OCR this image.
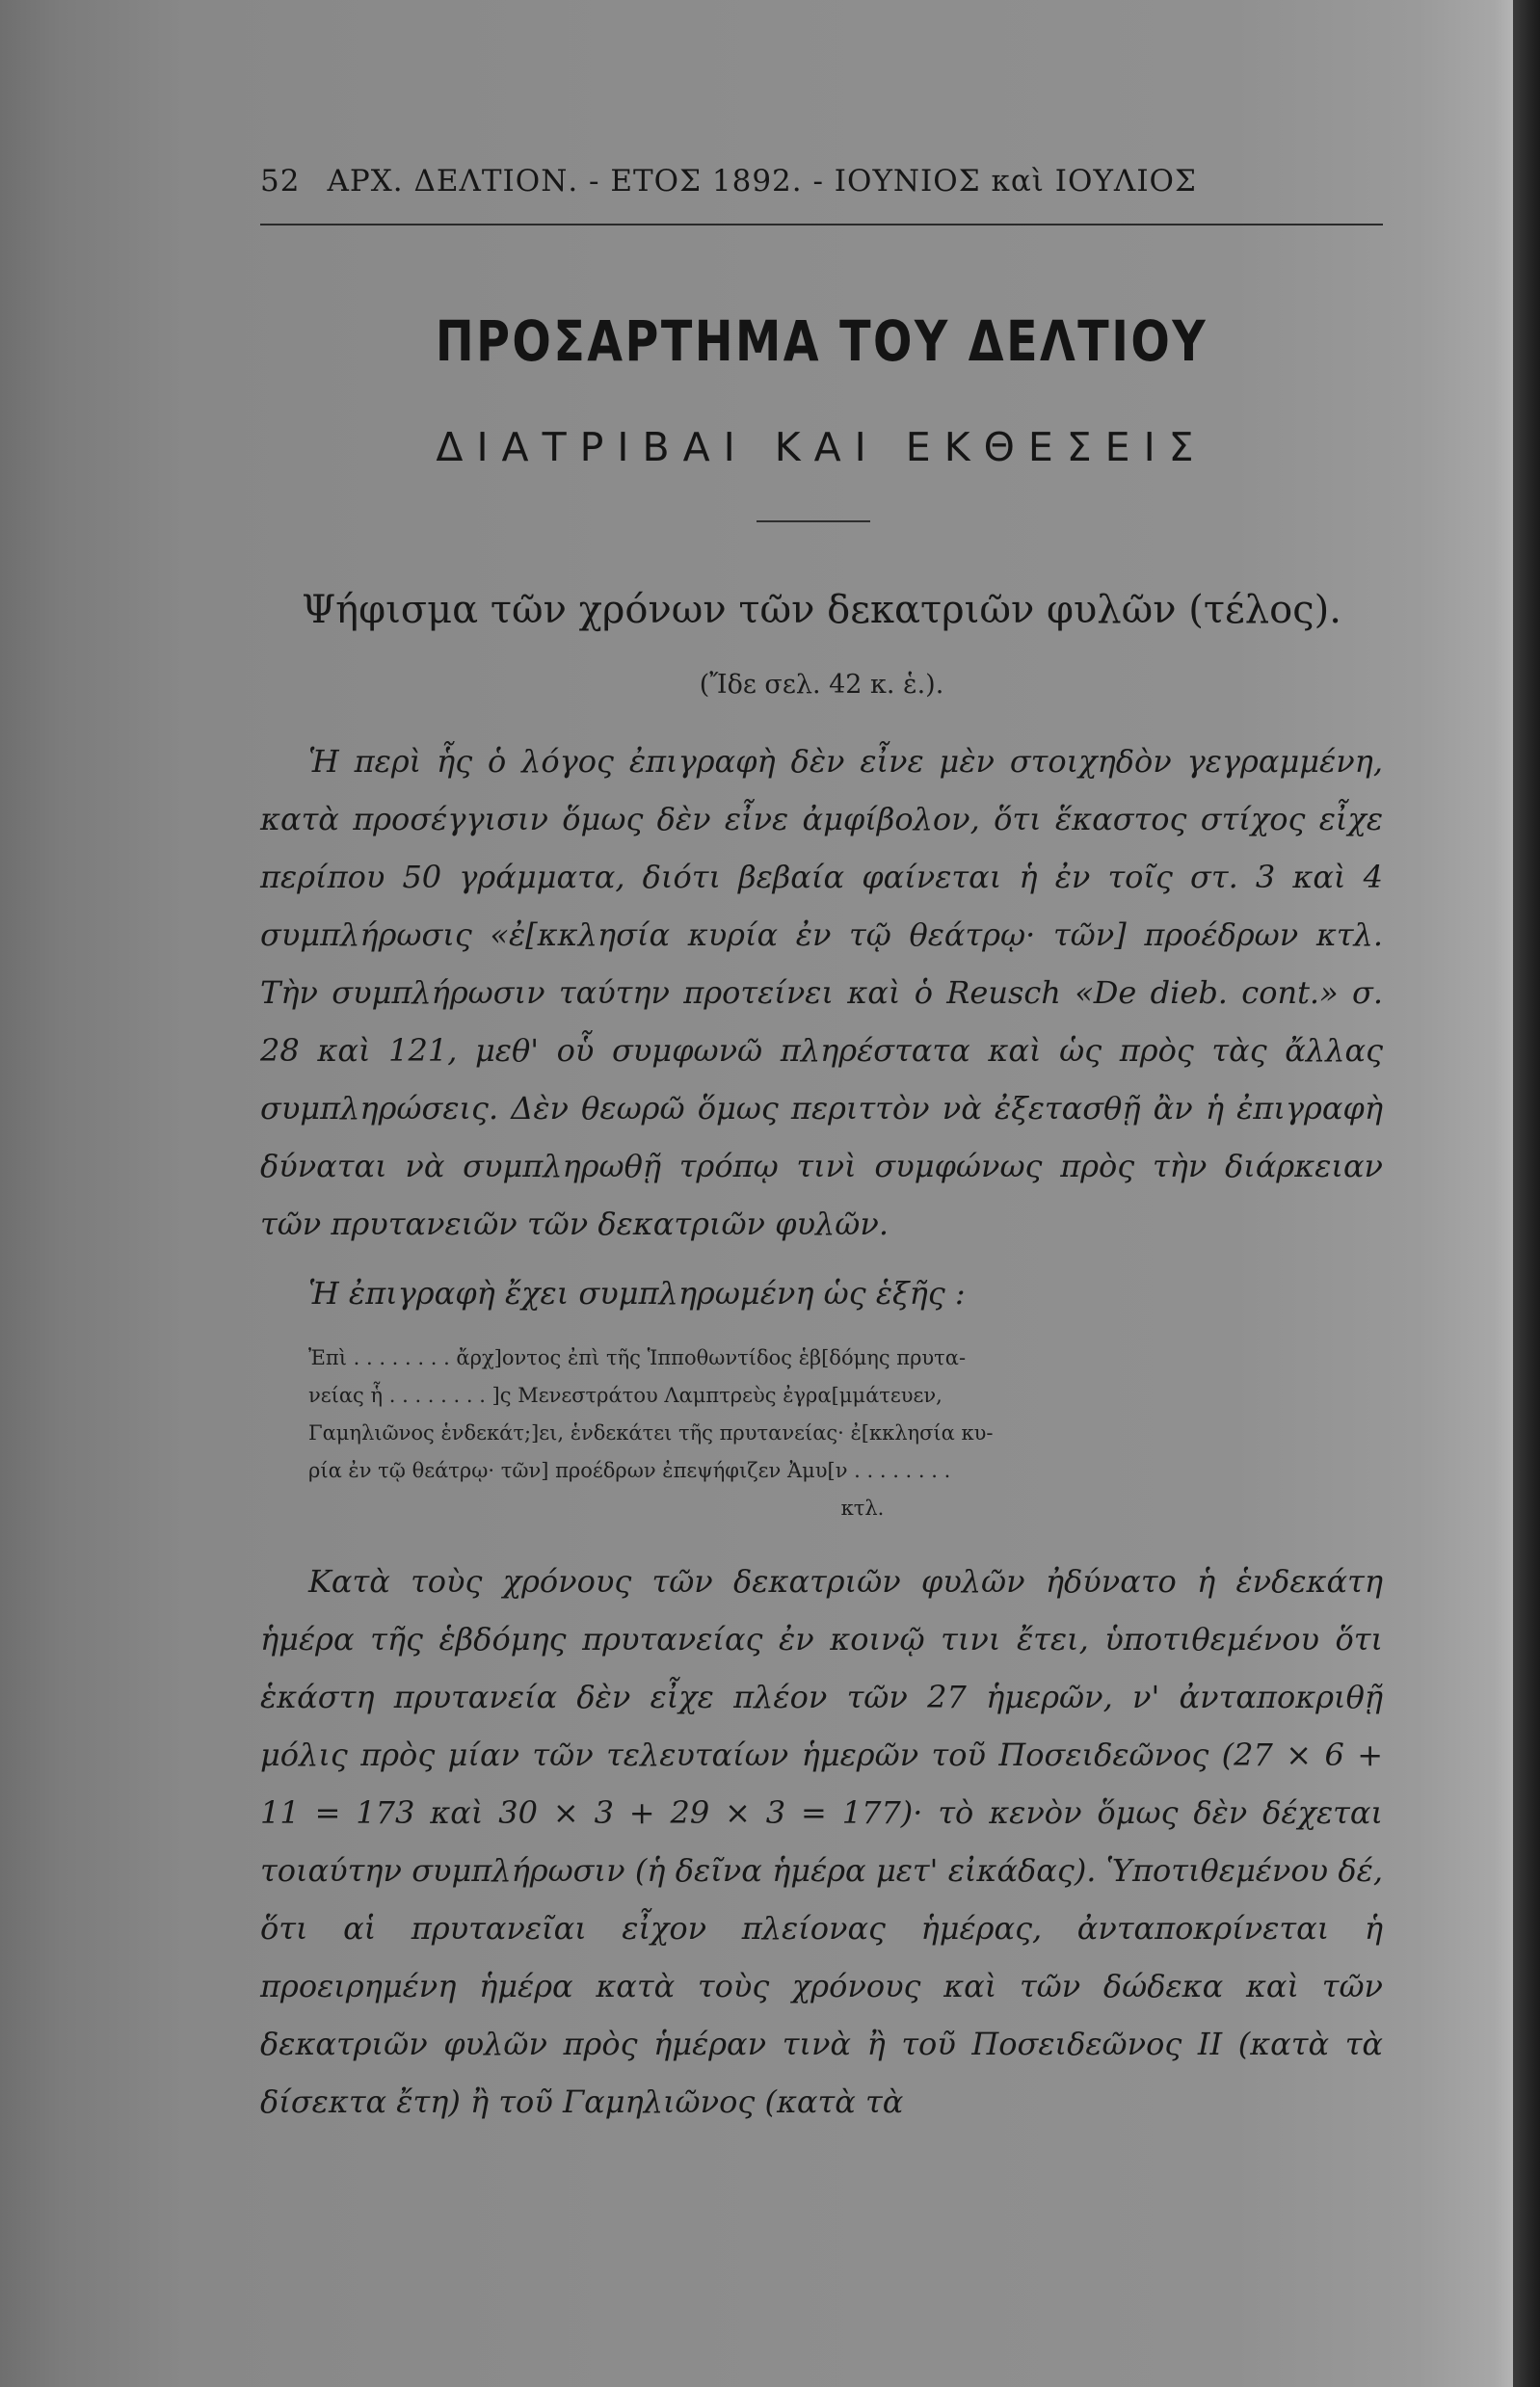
52 ΑΡΧ. ΔΕΛΤΙΟΝ. - ΕΤΟΣ 1892. - ΙΟΥΝΙΟΣ καὶ ΙΟΥΛΙΟΣ
ΠΡΟΣΑΡΤΗΜΑ ΤΟΥ ΔΕΛΤΙΟΥ
ΔΙΑΤΡΙΒΑΙ ΚΑΙ ΕΚΘΕΣΕΙΣ
Ψήφισμα τῶν χρόνων τῶν δεκατριῶν φυλῶν (τέλος).
(Ἴδε σελ. 42 κ. ἑ.).

Ἡ περὶ ἧς ὁ λόγος ἐπιγραφὴ δὲν εἶνε μὲν στοιχηδὸν γεγραμμένη, κατὰ προσέγγισιν ὅμως δὲν εἶνε ἀμφίβολον, ὅτι ἕκαστος στίχος εἶχε περίπου 50 γράμματα, διότι βεβαία φαίνεται ἡ ἐν τοῖς στ. 3 καὶ 4 συμπλήρωσις «ἐ[κκλησία κυρία ἐν τῷ θεάτρῳ· τῶν] προέδρων κτλ. Τὴν συμπλήρωσιν ταύτην προτείνει καὶ ὁ Reusch «De dieb. cont.» σ. 28 καὶ 121, μεθ' οὗ συμφωνῶ πληρέστατα καὶ ὡς πρὸς τὰς ἄλλας συμπληρώσεις. Δὲν θεωρῶ ὅμως περιττὸν νὰ ἐξετασθῇ ἂν ἡ ἐπιγραφὴ δύναται νὰ συμπληρωθῇ τρόπῳ τινὶ συμφώνως πρὸς τὴν διάρκειαν τῶν πρυτανειῶν τῶν δεκατριῶν φυλῶν.

Ἡ ἐπιγραφὴ ἔχει συμπληρωμένη ὡς ἑξῆς :

Ἐπὶ . . . . . . . . ἄρχ]οντος ἐπὶ τῆς Ἱπποθωντίδος ἑβ[δόμης πρυτα-
νείας ἧ . . . . . . . . ]ς Μενεστράτου Λαμπτρεὺς ἐγρα[μμάτευεν,
Γαμηλιῶνος ἑνδεκάτ;]ει, ἑνδεκάτει τῆς πρυτανείας· ἐ[κκλησία κυ-
ρία ἐν τῷ θεάτρῳ· τῶν] προέδρων ἐπεψήφιζεν Ἀμυ[ν . . . . . . . .
κτλ.

Κατὰ τοὺς χρόνους τῶν δεκατριῶν φυλῶν ἠδύνατο ἡ ἑνδεκάτη ἡμέρα τῆς ἑβδόμης πρυτανείας ἐν κοινῷ τινι ἔτει, ὑποτιθεμένου ὅτι ἑκάστη πρυτανεία δὲν εἶχε πλέον τῶν 27 ἡμερῶν, ν' ἀνταποκριθῇ μόλις πρὸς μίαν τῶν τελευταίων ἡμερῶν τοῦ Ποσειδεῶνος (27 × 6 + 11 = 173 καὶ 30 × 3 + 29 × 3 = 177)· τὸ κενὸν ὅμως δὲν δέχεται τοιαύτην συμπλήρωσιν (ἡ δεῖνα ἡμέρα μετ' εἰκάδας). Ὑποτιθεμένου δέ, ὅτι αἱ πρυτανεῖαι εἶχον πλείονας ἡμέρας, ἀνταποκρίνεται ἡ προειρημένη ἡμέρα κατὰ τοὺς χρόνους καὶ τῶν δώδεκα καὶ τῶν δεκατριῶν φυλῶν πρὸς ἡμέραν τινὰ ἢ τοῦ Ποσειδεῶνος II (κατὰ τὰ δίσεκτα ἔτη) ἢ τοῦ Γαμηλιῶνος (κατὰ τὰ
